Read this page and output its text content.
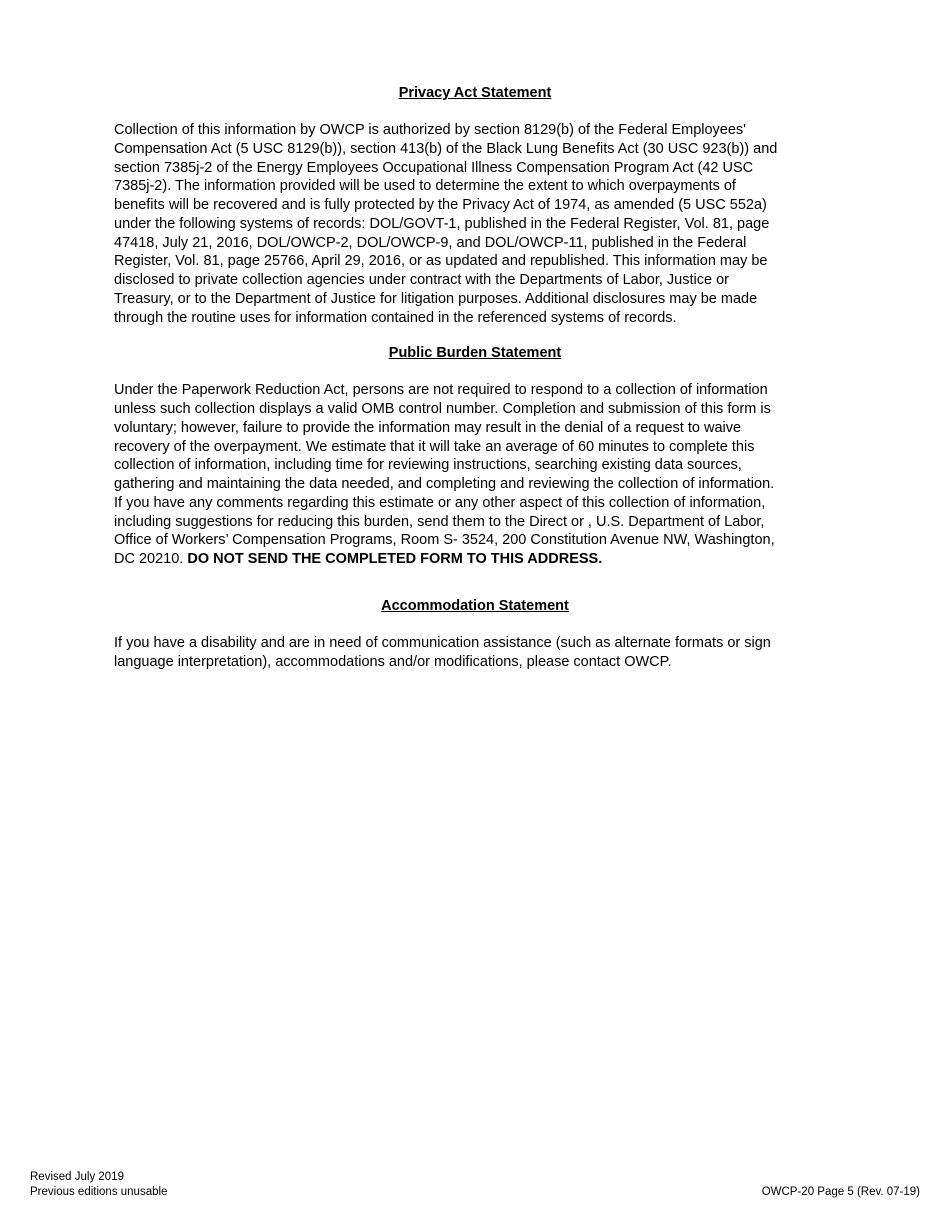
Privacy Act Statement

Collection of this information by OWCP is authorized by section 8129(b) of the Federal Employees'
Compensation Act (5 USC 8129(b)), section 413(b) of the Black Lung Benefits Act (30 USC 923(b)) and
section 7385j-2 of the Energy Employees Occupational Illness Compensation Program Act (42 USC
7385j-2). The information provided will be used to determine the extent to which overpayments of
benefits will be recovered and is fully protected by the Privacy Act of 1974, as amended (5 USC 552a)
under the following systems of records: DOL/GOVT-1, published in the Federal Register, Vol. 81, page
47418, July 21, 2016, DOL/OWCP-2, DOL/OWCP-9, and DOL/OWCP-11, published in the Federal
Register, Vol. 81, page 25766, April 29, 2016, or as updated and republished. This information may be
disclosed to private collection agencies under contract with the Departments of Labor, Justice or
Treasury, or to the Department of Justice for litigation purposes. Additional disclosures may be made
through the routine uses for information contained in the referenced systems of records.

Public Burden Statement

Under the Paperwork Reduction Act, persons are not required to respond to a collection of information
unless such collection displays a valid OMB control number. Completion and submission of this form is
voluntary; however, failure to provide the information may result in the denial of a request to waive
recovery of the overpayment. We estimate that it will take an average of 60 minutes to complete this
collection of information, including time for reviewing instructions, searching existing data sources,
gathering and maintaining the data needed, and completing and reviewing the collection of information.
If you have any comments regarding this estimate or any other aspect of this collection of information,
including suggestions for reducing this burden, send them to the Direct or , U.S. Department of Labor,
Office of Workers’ Compensation Programs, Room S- 3524, 200 Constitution Avenue NW, Washington,
DC 20210. DO NOT SEND THE COMPLETED FORM TO THIS ADDRESS.

Accommodation Statement

If you have a disability and are in need of communication assistance (such as alternate formats or sign
language interpretation), accommodations and/or modifications, please contact OWCP.

Revised July 2019
Previous editions unusable	OWCP-20 Page 5 (Rev. 07-19)
